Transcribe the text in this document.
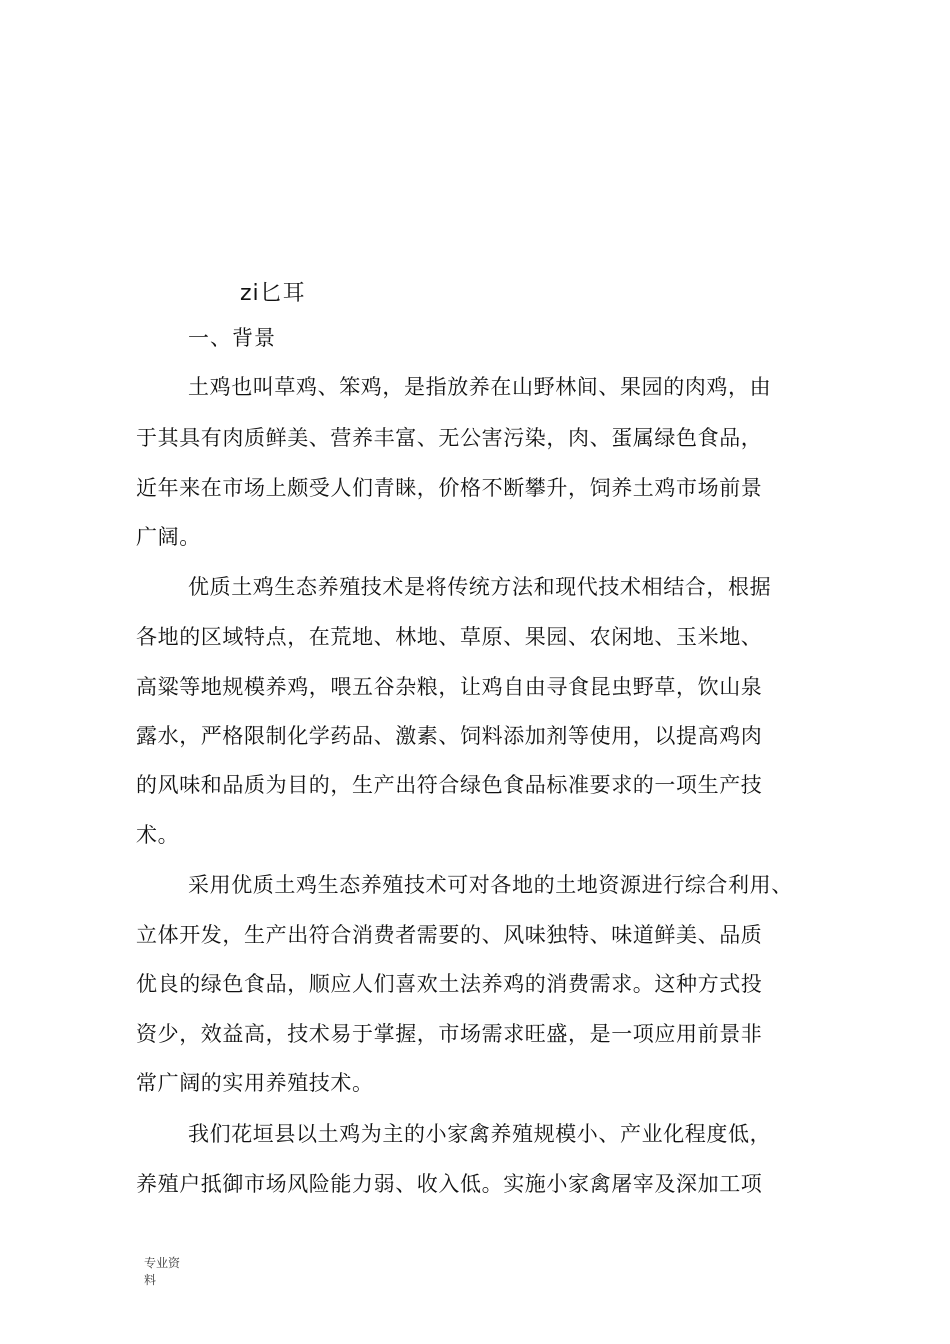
zi匕耳
一、背景
土鸡也叫草鸡、笨鸡，是指放养在山野林间、果园的肉鸡，由
于其具有肉质鲜美、营养丰富、无公害污染，肉、蛋属绿色食品，
近年来在市场上颇受人们青睐，价格不断攀升，饲养土鸡市场前景
广阔。
优质土鸡生态养殖技术是将传统方法和现代技术相结合，根据
各地的区域特点，在荒地、林地、草原、果园、农闲地、玉米地、
高粱等地规模养鸡，喂五谷杂粮，让鸡自由寻食昆虫野草，饮山泉
露水，严格限制化学药品、激素、饲料添加剂等使用，以提高鸡肉
的风味和品质为目的，生产出符合绿色食品标准要求的一项生产技
术。
采用优质土鸡生态养殖技术可对各地的土地资源进行综合利用、
立体开发，生产出符合消费者需要的、风味独特、味道鲜美、品质
优良的绿色食品，顺应人们喜欢土法养鸡的消费需求。这种方式投
资少，效益高，技术易于掌握，市场需求旺盛，是一项应用前景非
常广阔的实用养殖技术。
我们花垣县以土鸡为主的小家禽养殖规模小、产业化程度低，
养殖户抵御市场风险能力弱、收入低。实施小家禽屠宰及深加工项
专业资
料
